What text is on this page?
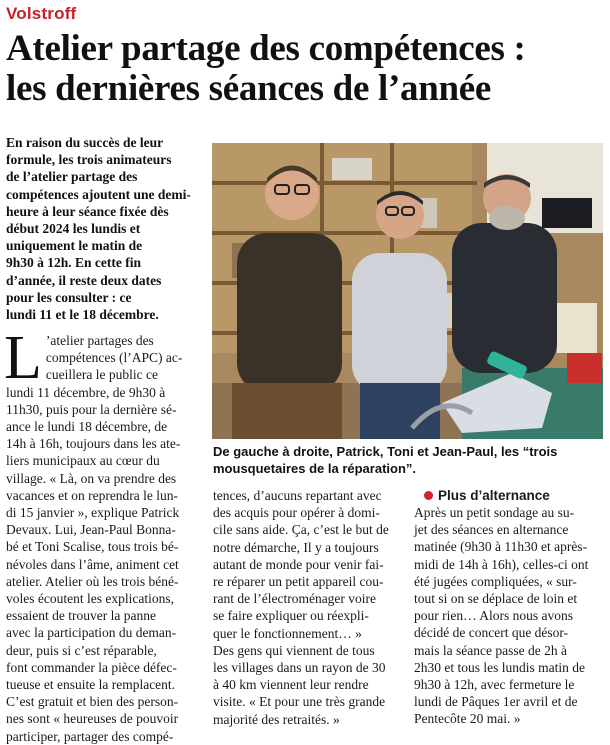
Volstroff
Atelier partage des compétences :
les dernières séances de l’année
En raison du succès de leur
formule, les trois animateurs
de l’atelier partage des
compétences ajoutent une demi-
heure à leur séance fixée dès
début 2024 les lundis et
uniquement le matin de
9h30 à 12h. En cette fin
d’année, il reste deux dates
pour les consulter : ce
lundi 11 et le 18 décembre.
De gauche à droite, Patrick, Toni et Jean-Paul, les “trois
mousquetaires de la réparation”.
L ’atelier partages des
compétences (l’APC) ac-
cueillera le public ce
lundi 11 décembre, de 9h30 à
11h30, puis pour la dernière sé-
ance le lundi 18 décembre, de
14h à 16h, toujours dans les ate-
liers municipaux au cœur du
village. « Là, on va prendre des
vacances et on reprendra le lun-
di 15 janvier », explique Patrick
Devaux. Lui, Jean-Paul Bonna-
bé et Toni Scalise, tous trois bé-
névoles dans l’âme, animent cet
atelier. Atelier où les trois béné-
voles écoutent les explications,
essaient de trouver la panne
avec la participation du deman-
deur, puis si c’est réparable,
font commander la pièce défec-
tueuse et ensuite la remplacent.
C’est gratuit et bien des person-
nes sont « heureuses de pouvoir
participer, partager des compé-
tences, d’aucuns repartant avec
des acquis pour opérer à domi-
cile sans aide. Ça, c’est le but de
notre démarche, Il y a toujours
autant de monde pour venir fai-
re réparer un petit appareil cou-
rant de l’électroménager voire
se faire expliquer ou réexpli-
quer le fonctionnement… »
Des gens qui viennent de tous
les villages dans un rayon de 30
à 40 km viennent leur rendre
visite. « Et pour une très grande
majorité des retraités. »
Plus d’alternance
Après un petit sondage au su-
jet des séances en alternance
matinée (9h30 à 11h30 et après-
midi de 14h à 16h), celles-ci ont
été jugées compliquées, « sur-
tout si on se déplace de loin et
pour rien… Alors nous avons
décidé de concert que désor-
mais la séance passe de 2h à
2h30 et tous les lundis matin de
9h30 à 12h, avec fermeture le
lundi de Pâques 1er avril et de
Pentecôte 20 mai. »
